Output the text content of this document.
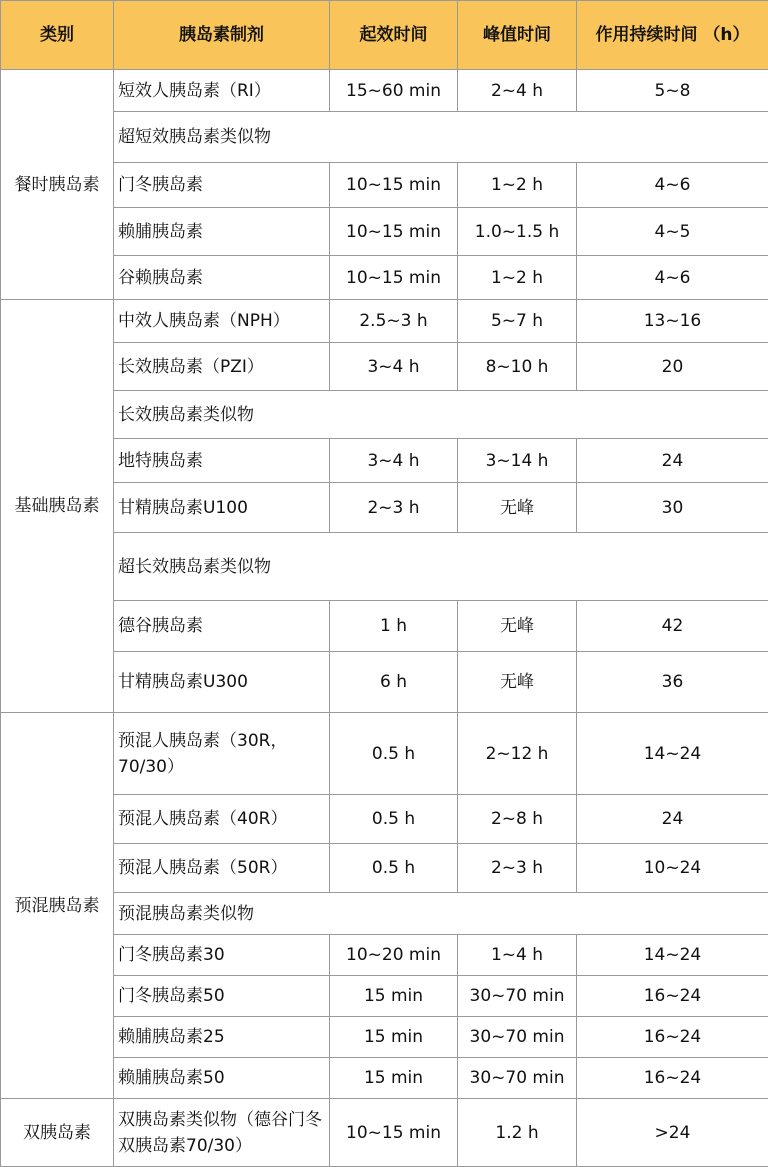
类别	胰岛素制剂	起效时间	峰值时间	作用持续时间 （h）
餐时胰岛素	短效人胰岛素（RI）	15~60 min	2~4 h	5~8
	超短效胰岛素类似物			
	门冬胰岛素	10~15 min	1~2 h	4~6
	赖脯胰岛素	10~15 min	1.0~1.5 h	4~5
	谷赖胰岛素	10~15 min	1~2 h	4~6
基础胰岛素	中效人胰岛素（NPH）	2.5~3 h	5~7 h	13~16
	长效胰岛素（PZI）	3~4 h	8~10 h	20
	长效胰岛素类似物			
	地特胰岛素	3~4 h	3~14 h	24
	甘精胰岛素U100	2~3 h	无峰	30
	超长效胰岛素类似物			
	德谷胰岛素	1 h	无峰	42
	甘精胰岛素U300	6 h	无峰	36
预混胰岛素	预混人胰岛素（30R，70/30）	0.5 h	2~12 h	14~24
	预混人胰岛素（40R）	0.5 h	2~8 h	24
	预混人胰岛素（50R）	0.5 h	2~3 h	10~24
	预混胰岛素类似物			
	门冬胰岛素30	10~20 min	1~4 h	14~24
	门冬胰岛素50	15 min	30~70 min	16~24
	赖脯胰岛素25	15 min	30~70 min	16~24
	赖脯胰岛素50	15 min	30~70 min	16~24
双胰岛素	双胰岛素类似物（德谷门冬双胰岛素70/30）	10~15 min	1.2 h	>24
